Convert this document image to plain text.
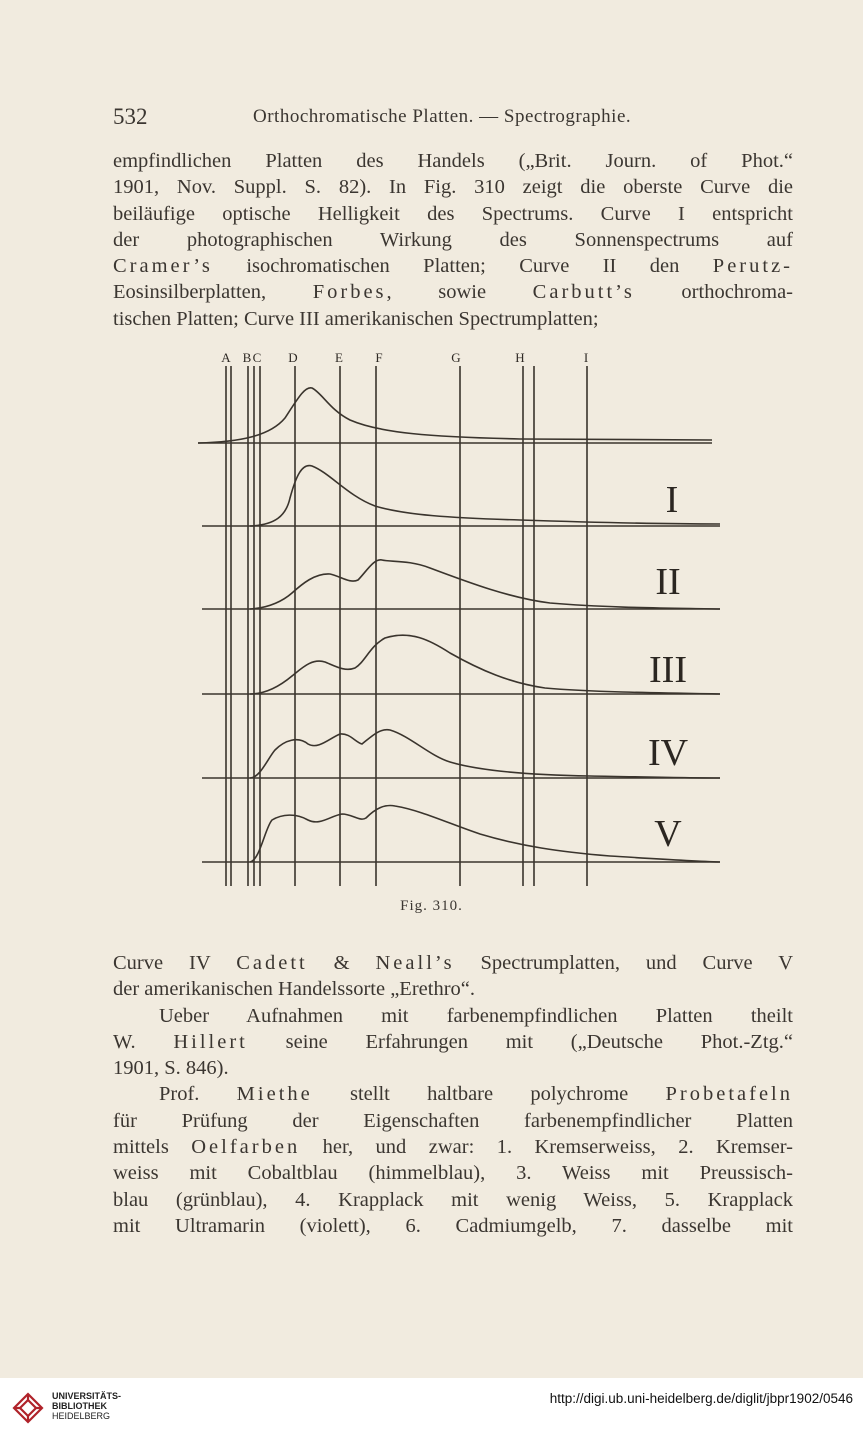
532	Orthochromatische Platten. — Spectrographie.

empfindlichen Platten des Handels („Brit. Journ. of Phot.“

1901, Nov. Suppl. S. 82). In Fig. 310 zeigt die oberste Curve die

beiläufige optische Helligkeit des Spectrums. Curve I entspricht

der photographischen Wirkung des Sonnenspectrums auf

Cramer’s isochromatischen Platten; Curve II den Perutz-

Eosinsilberplatten, Forbes, sowie Carbutt’s orthochroma-

tischen Platten; Curve III amerikanischen Spectrumplatten;

A B C D	E F	G	H	I
I
II
III
IV
V
Fig. 310.

Curve IV Cadett & Neall’s Spectrumplatten, und Curve V

der amerikanischen Handelssorte „Erethro“.

Ueber Aufnahmen mit farbenempfindlichen Platten theilt

W. Hillert seine Erfahrungen mit („Deutsche Phot.-Ztg.“

1901, S. 846).

Prof. Miethe stellt haltbare polychrome Probetafeln

für Prüfung der Eigenschaften farbenempfindlicher Platten

mittels Oelfarben her, und zwar: 1. Kremserweiss, 2. Kremser-

weiss mit Cobaltblau (himmelblau), 3. Weiss mit Preussisch-

blau (grünblau), 4. Krapplack mit wenig Weiss, 5. Krapplack

mit Ultramarin (violett), 6. Cadmiumgelb, 7. dasselbe mit

UNIVERSITÄTS-
BIBLIOTHEK
HEIDELBERG
http://digi.ub.uni-heidelberg.de/diglit/jbpr1902/0546
